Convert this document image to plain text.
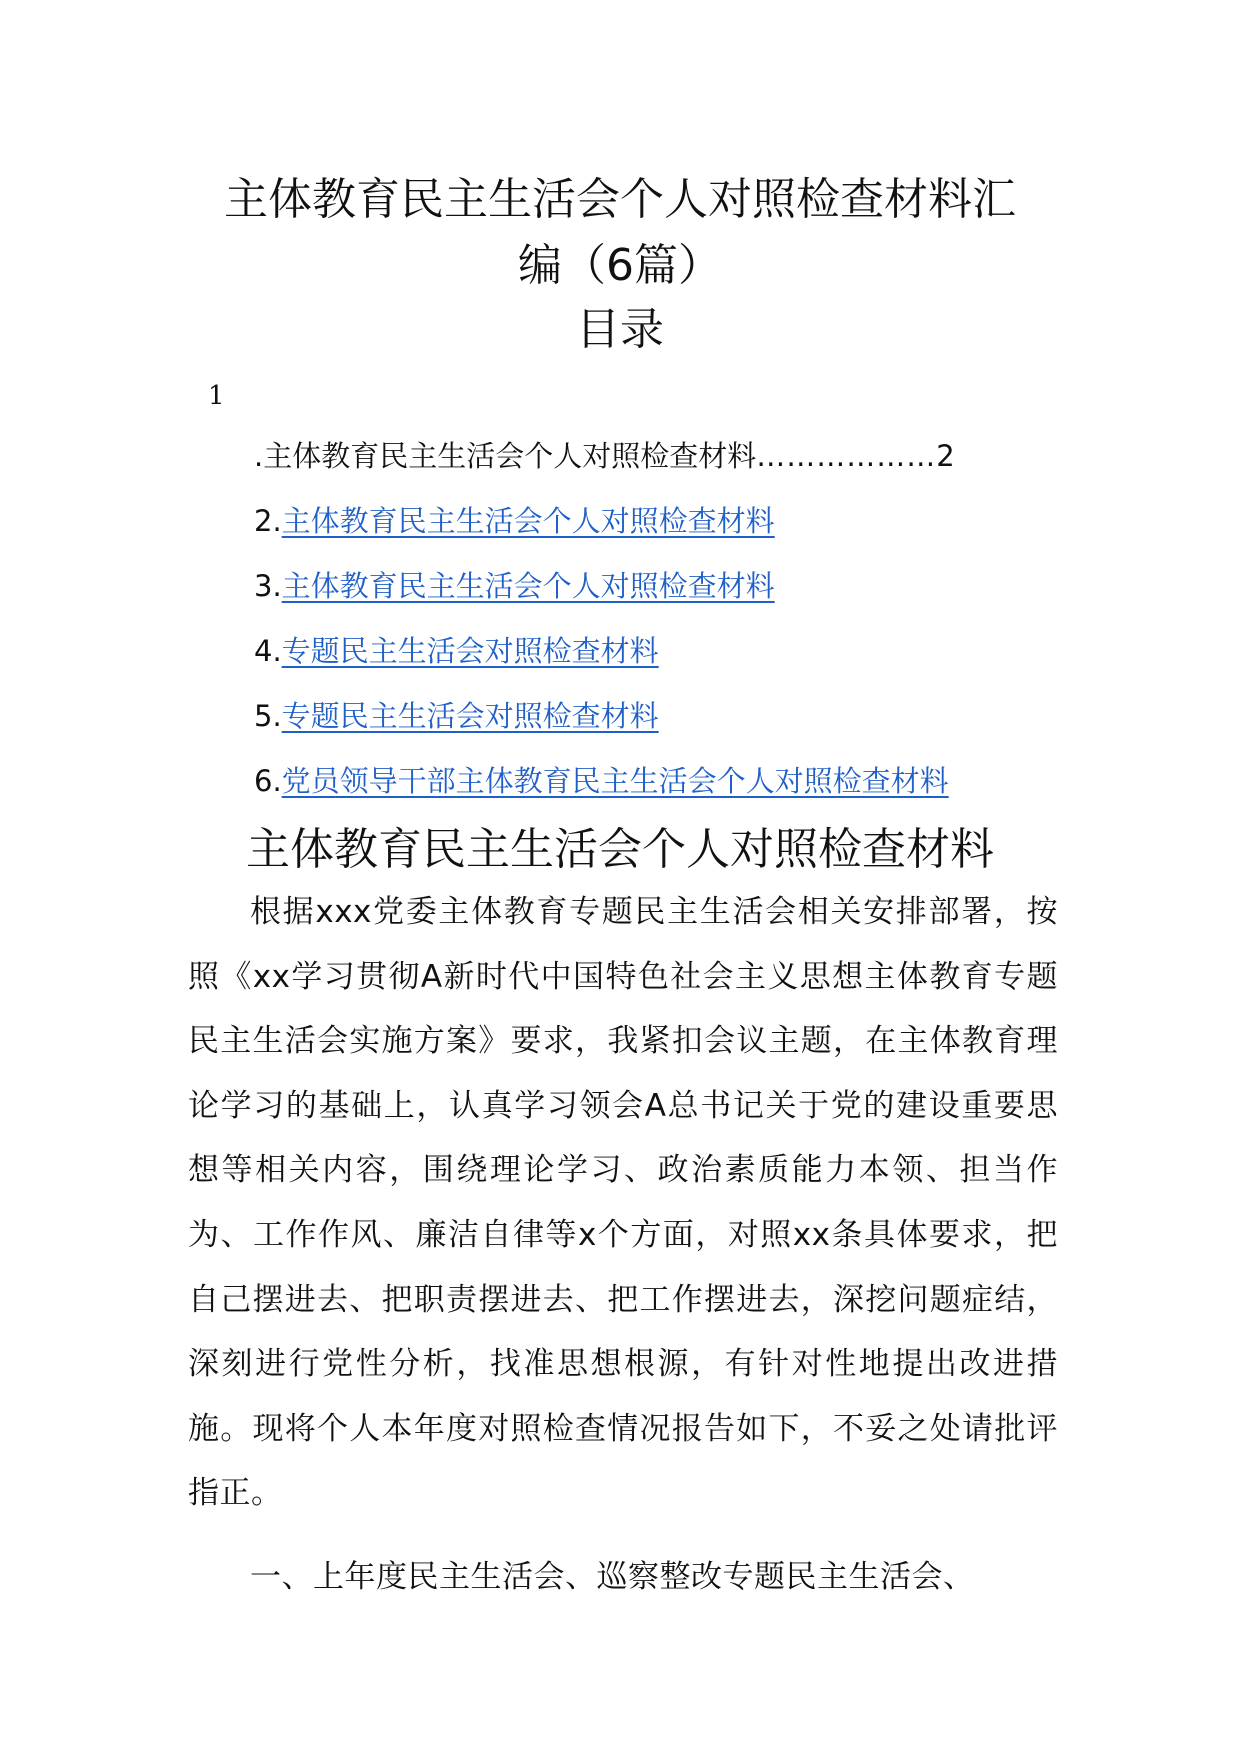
主体教育民主生活会个人对照检查材料汇
编（6篇）
目录
1
.主体教育民主生活会个人对照检查材料………………2
2.主体教育民主生活会个人对照检查材料
3.主体教育民主生活会个人对照检查材料
4.专题民主生活会对照检查材料
5.专题民主生活会对照检查材料
6.党员领导干部主体教育民主生活会个人对照检查材料
主体教育民主生活会个人对照检查材料

根据xxx党委主体教育专题民主生活会相关安排部署，按照《xx学习贯彻A新时代中国特色社会主义思想主体教育专题民主生活会实施方案》要求，我紧扣会议主题，在主体教育理论学习的基础上，认真学习领会A总书记关于党的建设重要思想等相关内容，围绕理论学习、政治素质能力本领、担当作为、工作作风、廉洁自律等x个方面，对照xx条具体要求，把自己摆进去、把职责摆进去、把工作摆进去，深挖问题症结，深刻进行党性分析，找准思想根源，有针对性地提出改进措施。现将个人本年度对照检查情况报告如下，不妥之处请批评指正。

一、上年度民主生活会、巡察整改专题民主生活会、
